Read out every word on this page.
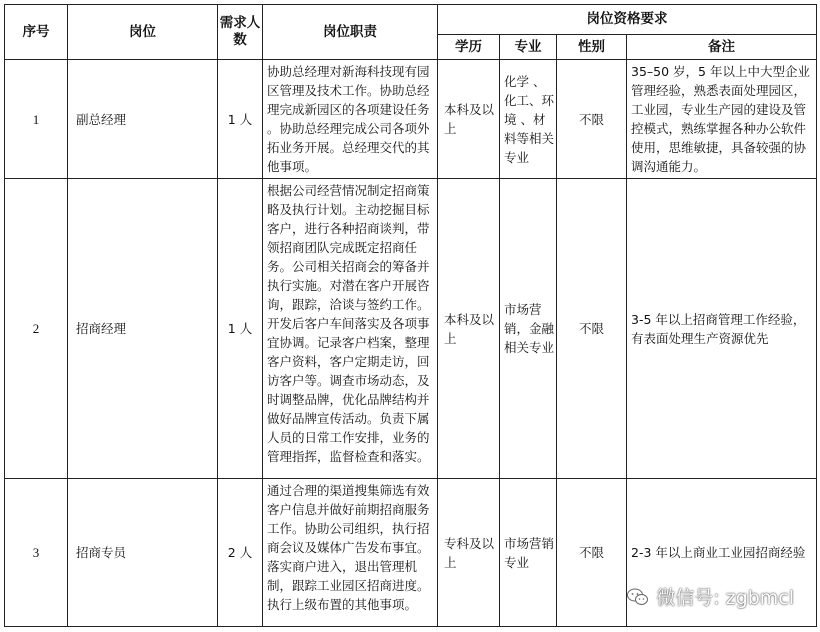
序号	岗位	需求人数	岗位职责	岗位资格要求			
				学历	专业	性别	备注
1	副总经理	1 人	协助总经理对新海科技现有园区管理及技术工作。协助总经理完成新园区的各项建设任务 。协助总经理完成公司各项外拓业务开展。总经理交代的其他事项。	本科及以上	化学 、化工、环境 、材料等相关专业	不限	35–50 岁，5 年以上中大型企业管理经验，熟悉表面处理园区，工业园，专业生产园的建设及管控模式，熟练掌握各种办公软件使用，思维敏捷，具备较强的协调沟通能力。
2	招商经理	1 人	根据公司经营情况制定招商策略及执行计划。主动挖掘目标客户，进行各种招商谈判，带领招商团队完成既定招商任务。公司相关招商会的筹备并执行实施。对潜在客户开展咨询，跟踪，洽谈与签约工作。开发后客户车间落实及各项事宜协调。记录客户档案，整理客户资料，客户定期走访，回访客户等。调查市场动态，及时调整品牌，优化品牌结构并做好品牌宣传活动。负责下属人员的日常工作安排，业务的管理指挥，监督检查和落实。	本科及以上	市场营销，金融相关专业	不限	3-5 年以上招商管理工作经验，有表面处理生产资源优先
3	招商专员	2 人	通过合理的渠道搜集筛选有效客户信息并做好前期招商服务工作。协助公司组织，执行招商会议及媒体广告发布事宜。落实商户进入，退出管理机制，跟踪工业园区招商进度。执行上级布置的其他事项。	专科及以上	市场营销专业	不限	2-3 年以上商业工业园招商经验
微信号: zgbmcl
